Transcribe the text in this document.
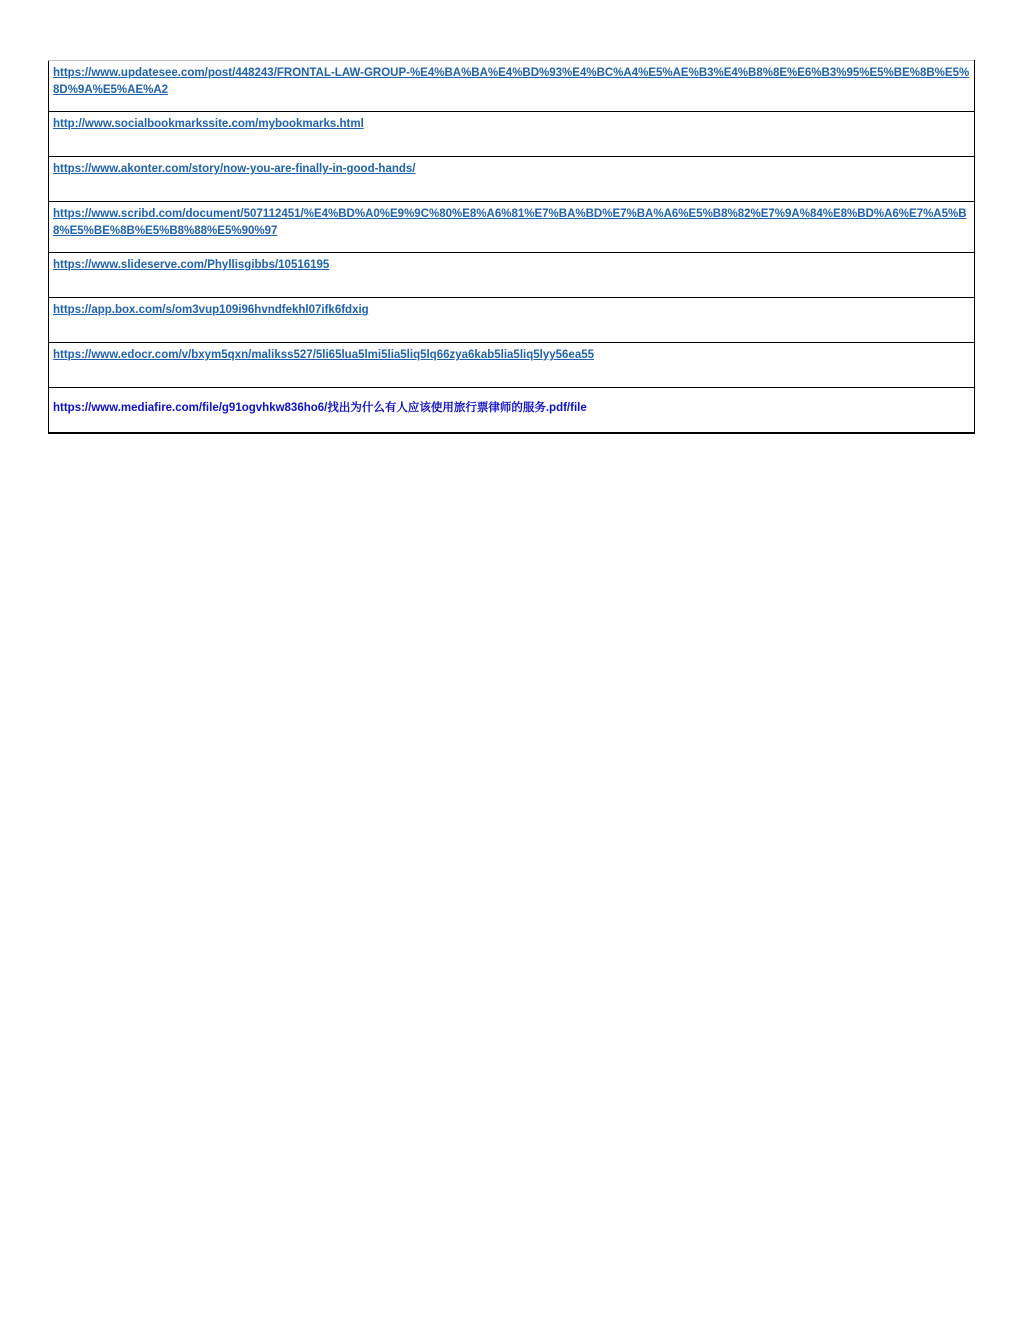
https://www.updatesee.com/post/448243/FRONTAL-LAW-GROUP-%E4%BA%BA%E4%BD%93%E4%BC%A4%E5%AE%B3%E4%B8%8E%E6%B3%95%E5%BE%8B%E5%8D%9A%E5%AE%A2
http://www.socialbookmarkssite.com/mybookmarks.html
https://www.akonter.com/story/now-you-are-finally-in-good-hands/
https://www.scribd.com/document/507112451/%E4%BD%A0%E9%9C%80%E8%A6%81%E7%BA%BD%E7%BA%A6%E5%B8%82%E7%9A%84%E8%BD%A6%E7%A5%B8%E5%BE%8B%E5%B8%88%E5%90%97
https://www.slideserve.com/Phyllisgibbs/10516195
https://app.box.com/s/om3vup109i96hvndfekhl07ifk6fdxig
https://www.edocr.com/v/bxym5qxn/malikss527/5li65lua5lmi5lia5liq5lq66zya6kab5lia5liq5lyy56ea55
https://www.mediafire.com/file/g91ogvhkw836ho6/找出为什么有人应该使用旅行票律师的服务.pdf/file
